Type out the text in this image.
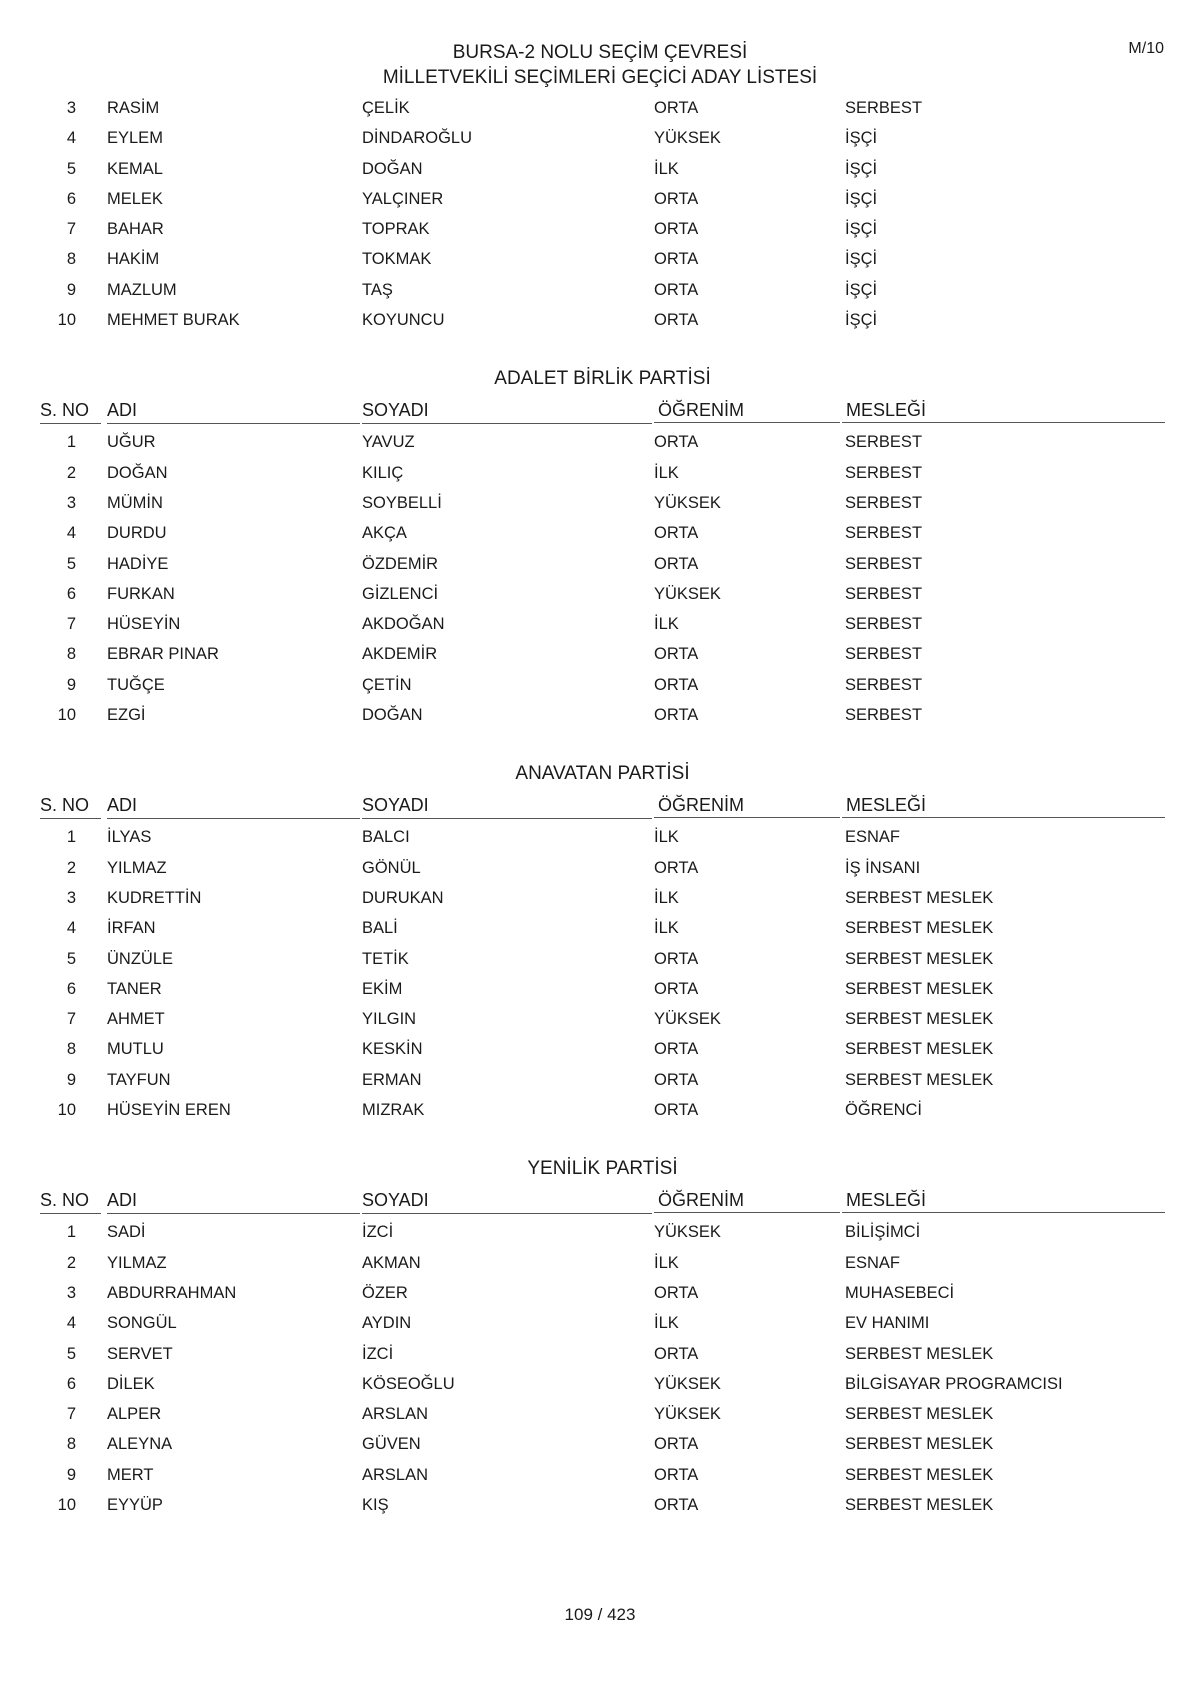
BURSA-2 NOLU SEÇİM ÇEVRESİ
MİLLETVEKİLİ SEÇİMLERİ GEÇİCİ ADAY LİSTESİ
M/10
3 RASİM	ÇELİK	ORTA	SERBEST
4 EYLEM	DİNDAROĞLU	YÜKSEK	İŞÇİ
5 KEMAL	DOĞAN	İLK	İŞÇİ
6 MELEK	YALÇINER	ORTA	İŞÇİ
7 BAHAR	TOPRAK	ORTA	İŞÇİ
8 HAKİM	TOKMAK	ORTA	İŞÇİ
9 MAZLUM	TAŞ	ORTA	İŞÇİ
10 MEHMET BURAK	KOYUNCU	ORTA	İŞÇİ
ADALET BİRLİK PARTİSİ
S. NO ADI	SOYADI	ÖĞRENİM	MESLEĞİ
1 UĞUR	YAVUZ	ORTA	SERBEST
2 DOĞAN	KILIÇ	İLK	SERBEST
3 MÜMİN	SOYBELLİ	YÜKSEK	SERBEST
4 DURDU	AKÇA	ORTA	SERBEST
5 HADİYE	ÖZDEMİR	ORTA	SERBEST
6 FURKAN	GİZLENCİ	YÜKSEK	SERBEST
7 HÜSEYİN	AKDOĞAN	İLK	SERBEST
8 EBRAR PINAR	AKDEMİR	ORTA	SERBEST
9 TUĞÇE	ÇETİN	ORTA	SERBEST
10 EZGİ	DOĞAN	ORTA	SERBEST
ANAVATAN PARTİSİ
S. NO ADI	SOYADI	ÖĞRENİM	MESLEĞİ
1 İLYAS	BALCI	İLK	ESNAF
2 YILMAZ	GÖNÜL	ORTA	İŞ İNSANI
3 KUDRETTİN	DURUKAN	İLK	SERBEST MESLEK
4 İRFAN	BALİ	İLK	SERBEST MESLEK
5 ÜNZÜLE	TETİK	ORTA	SERBEST MESLEK
6 TANER	EKİM	ORTA	SERBEST MESLEK
7 AHMET	YILGIN	YÜKSEK	SERBEST MESLEK
8 MUTLU	KESKİN	ORTA	SERBEST MESLEK
9 TAYFUN	ERMAN	ORTA	SERBEST MESLEK
10 HÜSEYİN EREN	MIZRAK	ORTA	ÖĞRENCİ
YENİLİK PARTİSİ
S. NO ADI	SOYADI	ÖĞRENİM	MESLEĞİ
1 SADİ	İZCİ	YÜKSEK	BİLİŞİMCİ
2 YILMAZ	AKMAN	İLK	ESNAF
3 ABDURRAHMAN	ÖZER	ORTA	MUHASEBECİ
4 SONGÜL	AYDIN	İLK	EV HANIMI
5 SERVET	İZCİ	ORTA	SERBEST MESLEK
6 DİLEK	KÖSEOĞLU	YÜKSEK	BİLGİSAYAR PROGRAMCISI
7 ALPER	ARSLAN	YÜKSEK	SERBEST MESLEK
8 ALEYNA	GÜVEN	ORTA	SERBEST MESLEK
9 MERT	ARSLAN	ORTA	SERBEST MESLEK
10 EYYÜP	KIŞ	ORTA	SERBEST MESLEK
109 / 423
